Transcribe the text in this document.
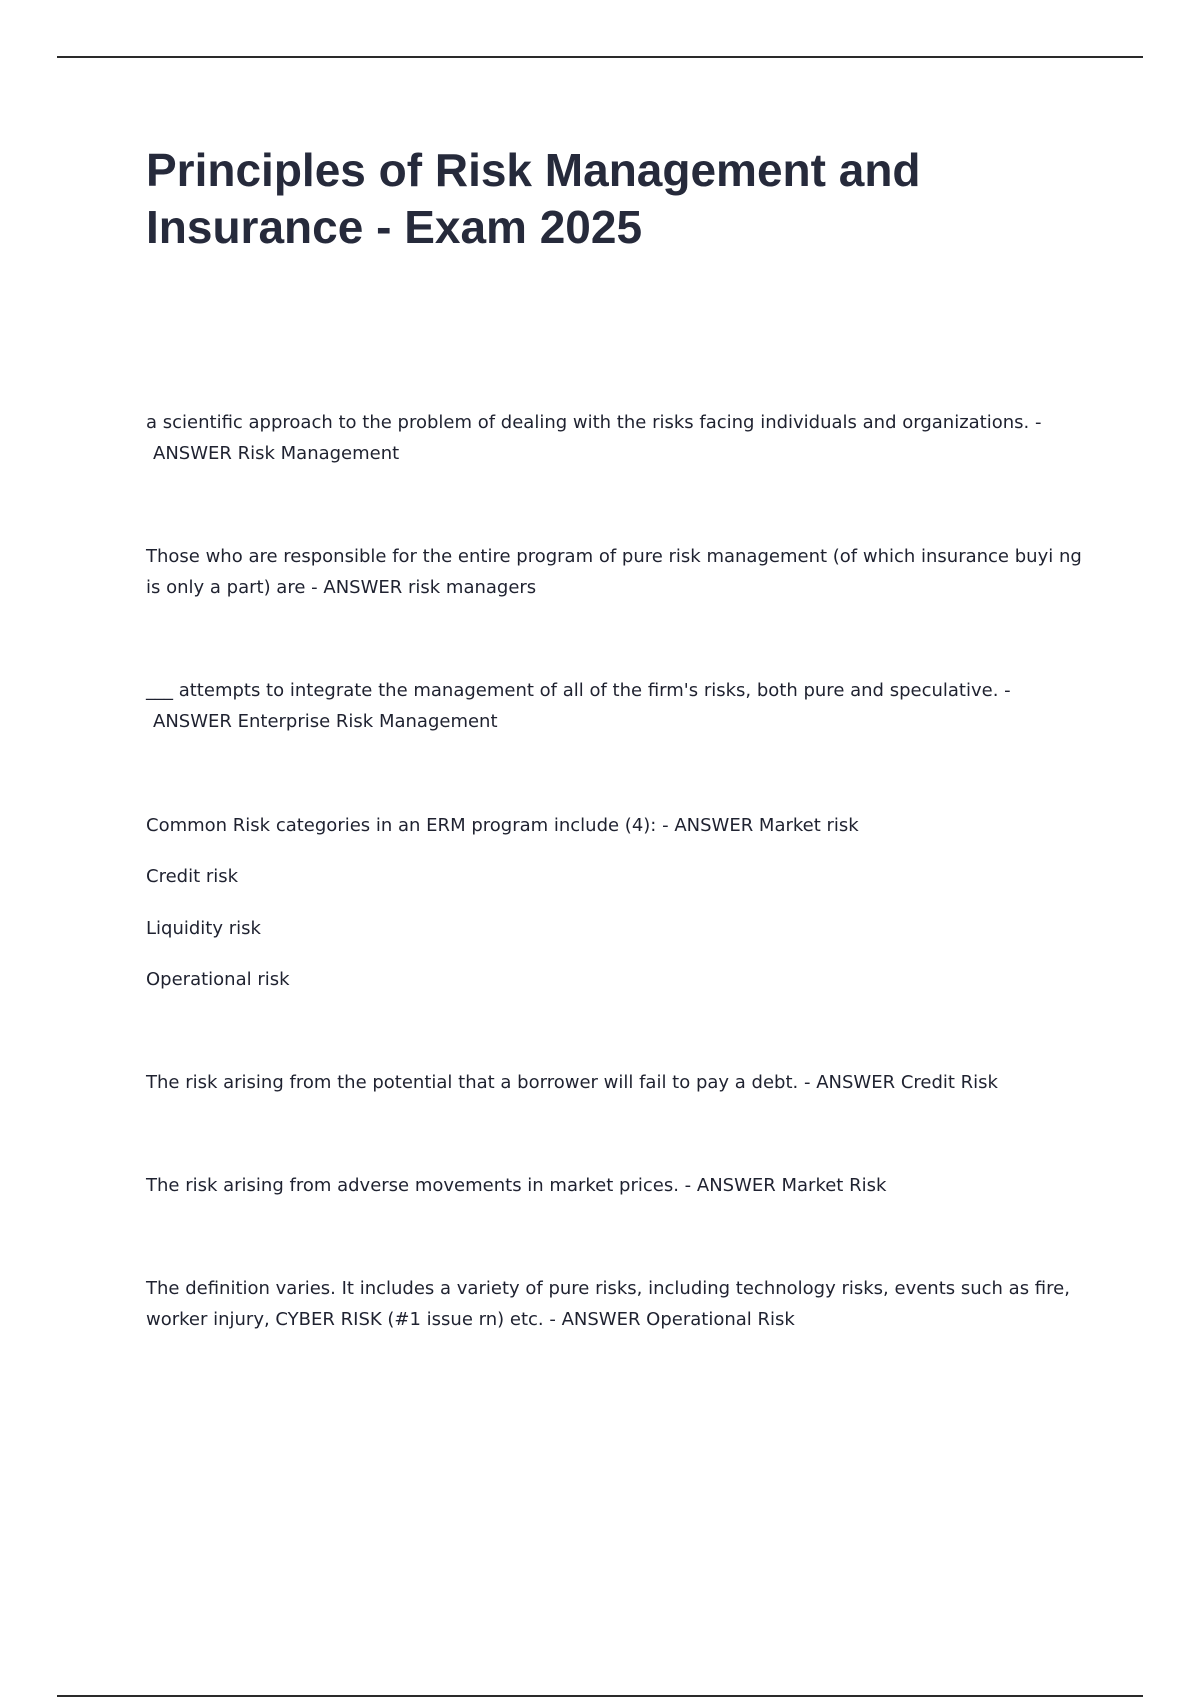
Principles of Risk Management and Insurance - Exam 2025

a scientific approach to the problem of dealing with the risks facing individuals and organizations. -
ANSWER Risk Management

Those who are responsible for the entire program of pure risk management (of which insurance buyi ng is only a part) are - ANSWER risk managers

___ attempts to integrate the management of all of the firm's risks, both pure and speculative. -
ANSWER Enterprise Risk Management

Common Risk categories in an ERM program include (4): - ANSWER Market risk

Credit risk

Liquidity risk

Operational risk

The risk arising from the potential that a borrower will fail to pay a debt. - ANSWER Credit Risk

The risk arising from adverse movements in market prices. - ANSWER Market Risk

The definition varies. It includes a variety of pure risks, including technology risks, events such as fire, worker injury, CYBER RISK (#1 issue rn) etc. - ANSWER Operational Risk
